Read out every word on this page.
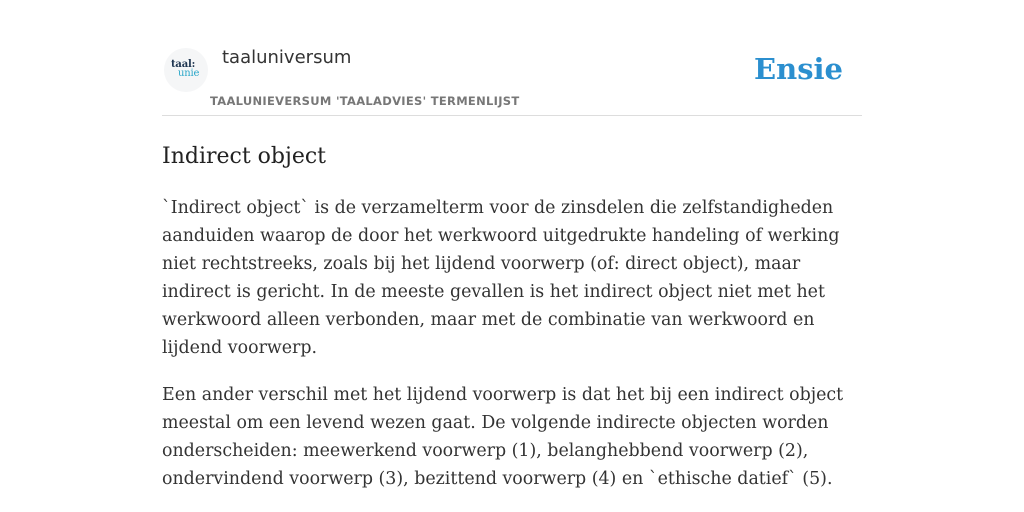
taal:
unie
taaluniversum
TAALUNIEVERSUM 'TAALADVIES' TERMENLIJST
Ensie
Indirect object

`Indirect object` is de verzamelterm voor de zinsdelen die zelfstandigheden aanduiden waarop de door het werkwoord uitgedrukte handeling of werking niet rechtstreeks, zoals bij het lijdend voorwerp (of: direct object), maar indirect is gericht. In de meeste gevallen is het indirect object niet met het werkwoord alleen verbonden, maar met de combinatie van werkwoord en lijdend voorwerp.

Een ander verschil met het lijdend voorwerp is dat het bij een indirect object meestal om een levend wezen gaat. De volgende indirecte objecten worden onderscheiden: meewerkend voorwerp (1), belanghebbend voorwerp (2), ondervindend voorwerp (3), bezittend voorwerp (4) en `ethische datief` (5).
